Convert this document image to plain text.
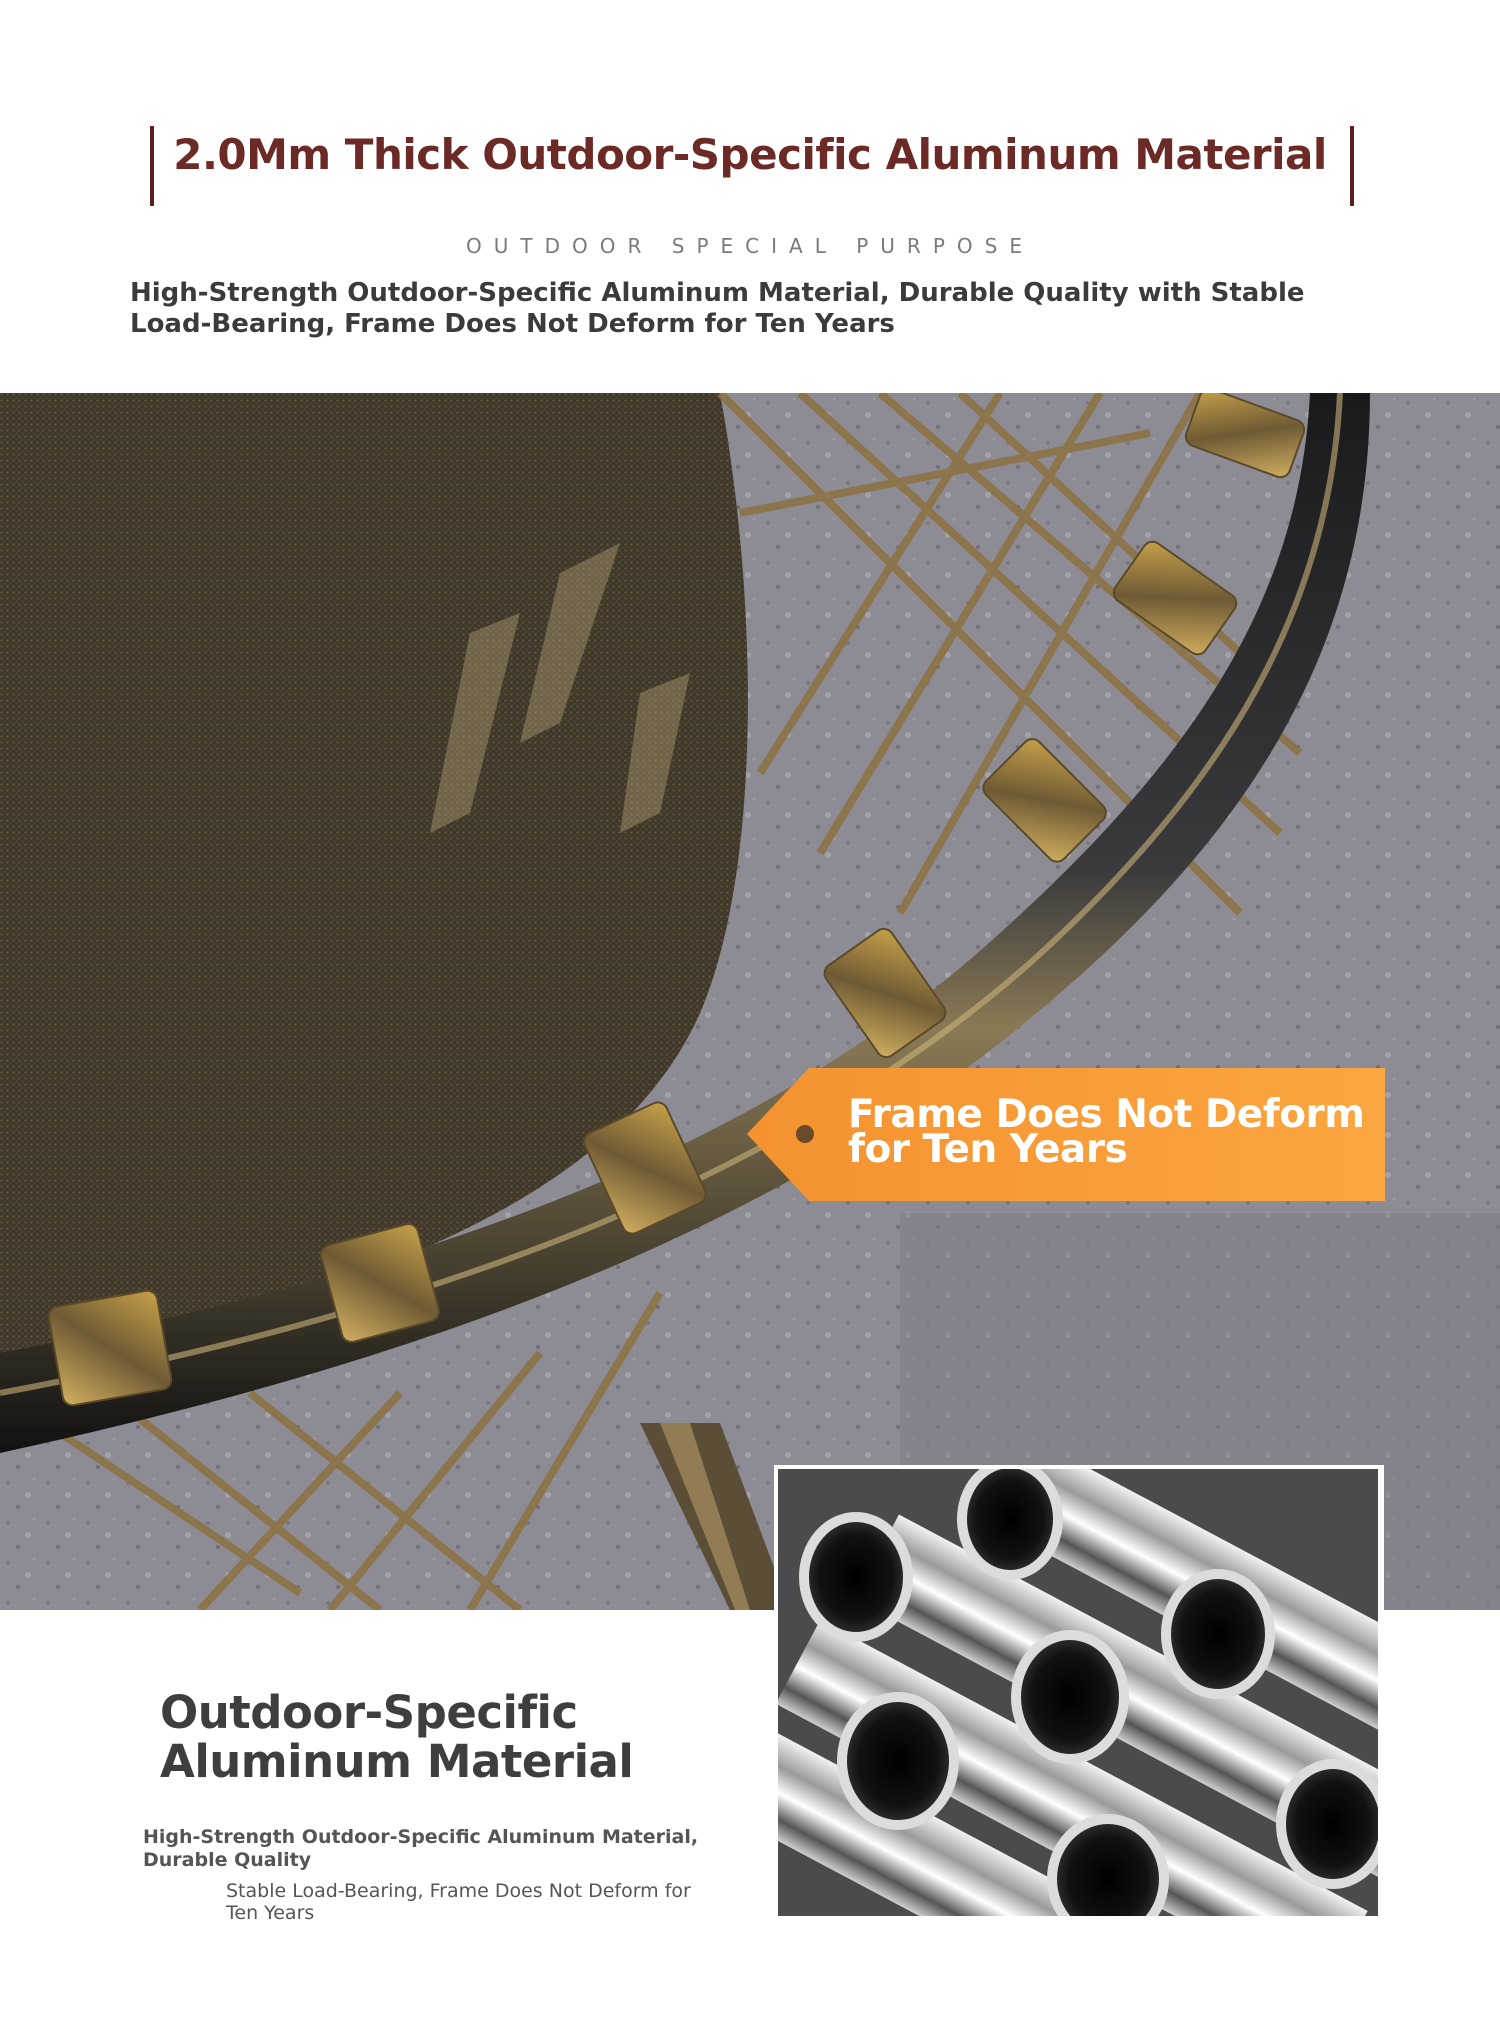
2.0Mm Thick Outdoor-Specific Aluminum Material
OUTDOOR SPECIAL PURPOSE
High-Strength Outdoor-Specific Aluminum Material, Durable Quality with Stable Load-Bearing, Frame Does Not Deform for Ten Years
Frame Does Not Deform for Ten Years
Outdoor-Specific Aluminum Material
High-Strength Outdoor-Specific Aluminum Material, Durable Quality
Stable Load-Bearing, Frame Does Not Deform for Ten Years
